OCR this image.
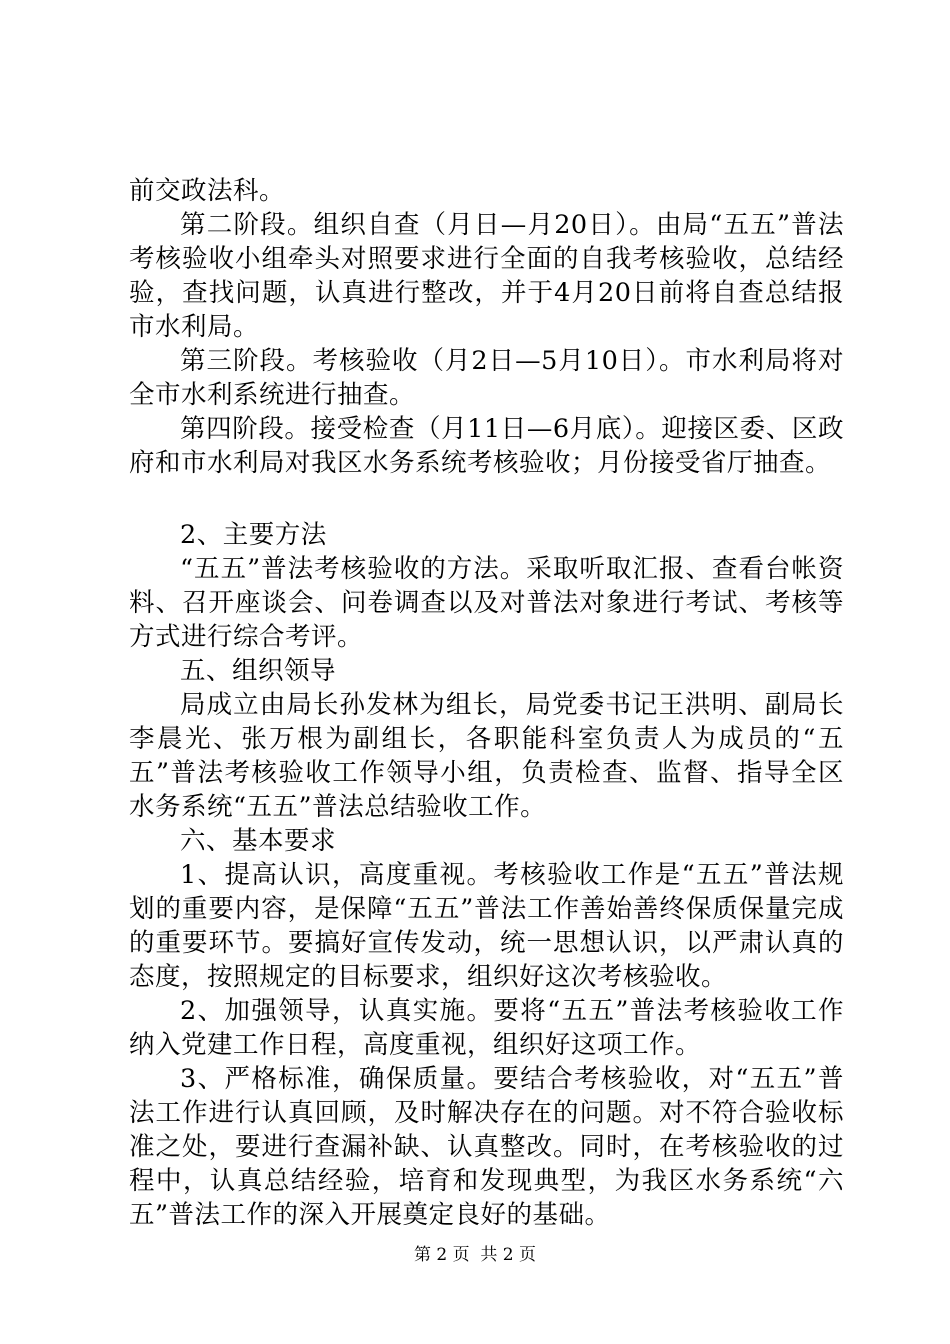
前交政法科。

第二阶段。组织自查（月日—月20日）。由局“五五”普法考核验收小组牵头对照要求进行全面的自我考核验收，总结经验，查找问题，认真进行整改，并于4月20日前将自查总结报市水利局。

第三阶段。考核验收（月2日—5月10日）。市水利局将对全市水利系统进行抽查。

第四阶段。接受检查（月11日—6月底）。迎接区委、区政府和市水利局对我区水务系统考核验收；月份接受省厅抽查。

2、主要方法

“五五”普法考核验收的方法。采取听取汇报、查看台帐资料、召开座谈会、问卷调查以及对普法对象进行考试、考核等方式进行综合考评。

五、组织领导

局成立由局长孙发林为组长，局党委书记王洪明、副局长李晨光、张万根为副组长，各职能科室负责人为成员的“五五”普法考核验收工作领导小组，负责检查、监督、指导全区水务系统“五五”普法总结验收工作。

六、基本要求

1、提高认识，高度重视。考核验收工作是“五五”普法规划的重要内容，是保障“五五”普法工作善始善终保质保量完成的重要环节。要搞好宣传发动，统一思想认识，以严肃认真的态度，按照规定的目标要求，组织好这次考核验收。

2、加强领导，认真实施。要将“五五”普法考核验收工作纳入党建工作日程，高度重视，组织好这项工作。

3、严格标准，确保质量。要结合考核验收，对“五五”普法工作进行认真回顾，及时解决存在的问题。对不符合验收标准之处，要进行查漏补缺、认真整改。同时，在考核验收的过程中，认真总结经验，培育和发现典型，为我区水务系统“六五”普法工作的深入开展奠定良好的基础。

第 2 页  共 2 页
